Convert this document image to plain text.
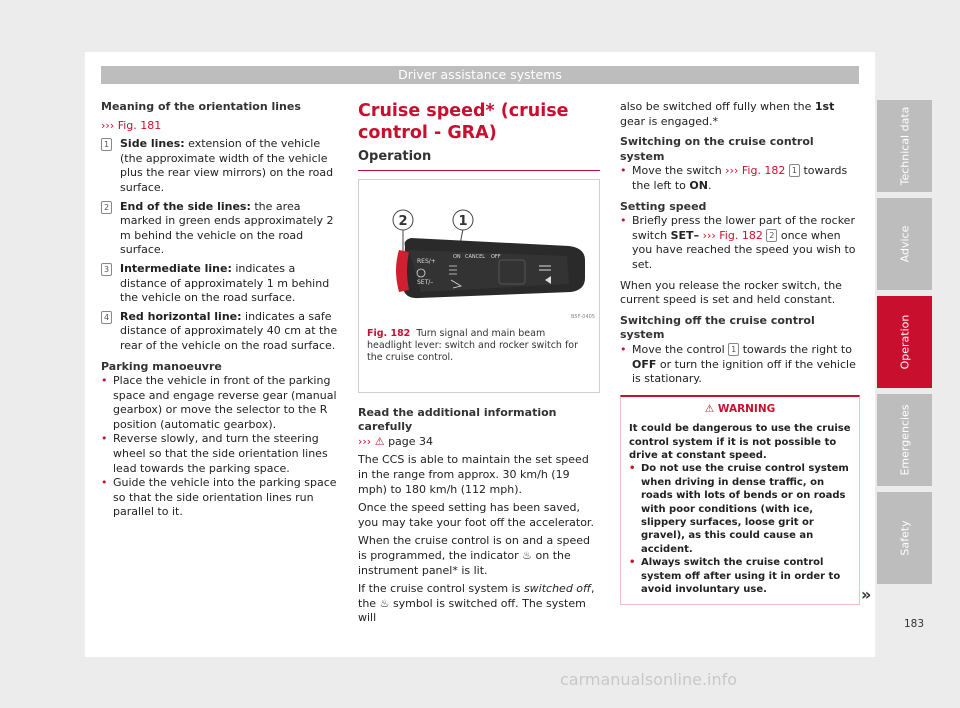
Driver assistance systems

Meaning of the orientation lines

››› Fig. 181

1 Side lines: extension of the vehicle (the approximate width of the vehicle plus the rear view mirrors) on the road surface.

2 End of the side lines: the area marked in green ends approximately 2 m behind the vehicle on the road surface.

3 Intermediate line: indicates a distance of approximately 1 m behind the vehicle on the road surface.

4 Red horizontal line: indicates a safe distance of approximately 40 cm at the rear of the vehicle on the road surface.

Parking manoeuvre

• Place the vehicle in front of the parking space and engage reverse gear (manual gearbox) or move the selector to the R position (automatic gearbox).

• Reverse slowly, and turn the steering wheel so that the side orientation lines lead towards the parking space.

• Guide the vehicle into the parking space so that the side orientation lines run parallel to it.

Cruise speed* (cruise control - GRA)
Operation
2	1
RES/+
SET/–
ON CANCEL OFF
B5F-0405
Fig. 182 Turn signal and main beam headlight lever: switch and rocker switch for the cruise control.

Read the additional information carefully

››› ⚠ page 34

The CCS is able to maintain the set speed in the range from approx. 30 km/h (19 mph) to 180 km/h (112 mph).

Once the speed setting has been saved, you may take your foot off the accelerator.

When the cruise control is on and a speed is programmed, the indicator ♨ on the instrument panel* is lit.

If the cruise control system is switched off, the ♨ symbol is switched off. The system will

also be switched off fully when the 1st gear is engaged.*

Switching on the cruise control system

• Move the switch ››› Fig. 182 1 towards the left to ON.

Setting speed

• Briefly press the lower part of the rocker switch SET– ››› Fig. 182 2 once when you have reached the speed you wish to set.

When you release the rocker switch, the current speed is set and held constant.

Switching off the cruise control system

• Move the control 1 towards the right to OFF or turn the ignition off if the vehicle is stationary.

⚠ WARNING

It could be dangerous to use the cruise control system if it is not possible to drive at constant speed.

• Do not use the cruise control system when driving in dense traffic, on roads with lots of bends or on roads with poor conditions (with ice, slippery surfaces, loose grit or gravel), as this could cause an accident.

• Always switch the cruise control system off after using it in order to avoid involuntary use.	»
Technical data
Advice
Operation
Emergencies
Safety
183
carmanualsonline.info
